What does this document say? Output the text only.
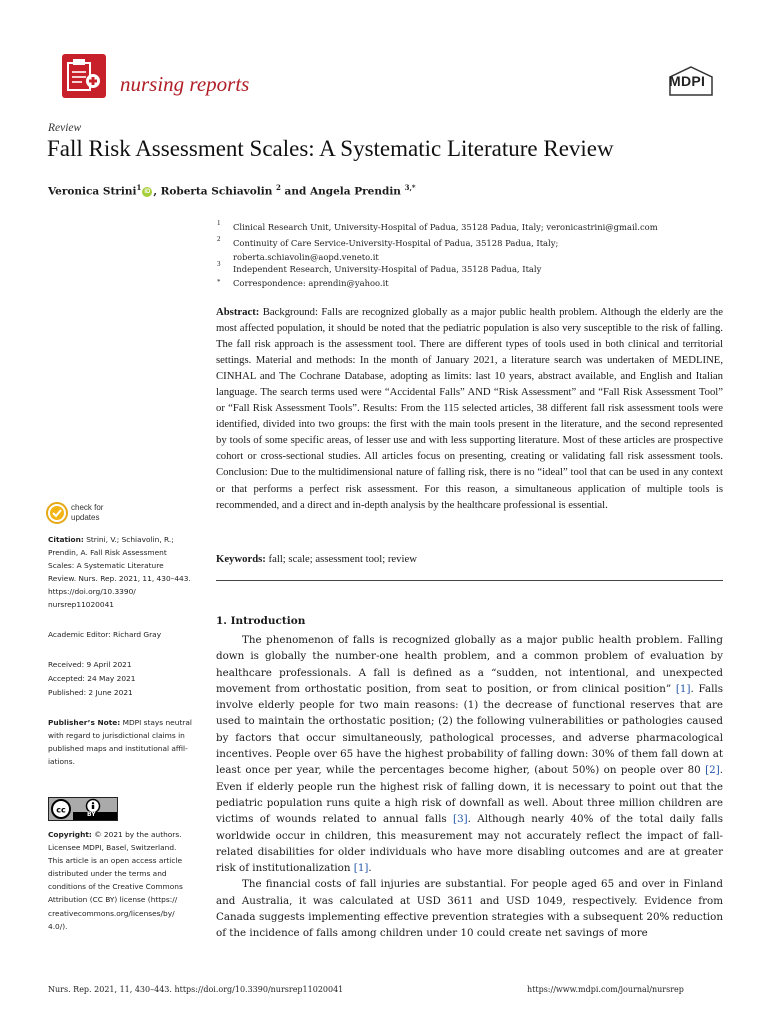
nursing reports	MDPI
Review
Fall Risk Assessment Scales: A Systematic Literature Review
Veronica Strini$^1$ iD , Roberta Schiavolin $^2$ and Angela Prendin $^{3,*}$
1 Clinical Research Unit, University-Hospital of Padua, 35128 Padua, Italy; veronicastrini@gmail.com
2 Continuity of Care Service-University-Hospital of Padua, 35128 Padua, Italy;
roberta.schiavolin@aopd.veneto.it
3 Independent Research, University-Hospital of Padua, 35128 Padua, Italy
* Correspondence: aprendin@yahoo.it
Abstract: Background: Falls are recognized globally as a major public health problem. Although the elderly are the most affected population, it should be noted that the pediatric population is also very susceptible to the risk of falling. The fall risk approach is the assessment tool. There are different types of tools used in both clinical and territorial settings. Material and methods: In the month of January 2021, a literature search was undertaken of MEDLINE, CINHAL and The Cochrane Database, adopting as limits: last 10 years, abstract available, and English and Italian language. The search terms used were “Accidental Falls” AND “Risk Assessment” and “Fall Risk Assessment Tool” or “Fall Risk Assessment Tools”. Results: From the 115 selected articles, 38 different fall risk assessment tools were identified, divided into two groups: the first with the main tools present in the literature, and the second represented by tools of some specific areas, of lesser use and with less supporting literature. Most of these articles are prospective cohort or cross-sectional studies. All articles focus on presenting, creating or validating fall risk assessment tools. Conclusion: Due to the multidimensional nature of falling risk, there is no “ideal” tool that can be used in any context or that performs a perfect risk assessment. For this reason, a simultaneous application of multiple tools is recommended, and a direct and in-depth analysis by the healthcare professional is essential.
Keywords: fall; scale; assessment tool; review
check for updates
Citation: Strini, V.; Schiavolin, R.;
Prendin, A. Fall Risk Assessment
Scales: A Systematic Literature
Review. Nurs. Rep. 2021, 11, 430–443.
https://doi.org/10.3390/
nursrep11020041
Academic Editor: Richard Gray
Received: 9 April 2021
Accepted: 24 May 2021
Published: 2 June 2021
Publisher’s Note: MDPI stays neutral
with regard to jurisdictional claims in
published maps and institutional affil-
iations.
cc	BY
Copyright: © 2021 by the authors.
Licensee MDPI, Basel, Switzerland.
This article is an open access article
distributed under the terms and
conditions of the Creative Commons
Attribution (CC BY) license (https://
creativecommons.org/licenses/by/
4.0/).
1. Introduction

The phenomenon of falls is recognized globally as a major public health problem. Falling down is globally the number-one health problem, and a common problem of evaluation by healthcare professionals. A fall is defined as a “sudden, not intentional, and unexpected movement from orthostatic position, from seat to position, or from clinical position” [1]. Falls involve elderly people for two main reasons: (1) the decrease of functional reserves that are used to maintain the orthostatic position; (2) the following vulnerabilities or pathologies caused by factors that occur simultaneously, pathological processes, and adverse pharmacological incentives. People over 65 have the highest probability of falling down: 30% of them fall down at least once per year, while the percentages become higher, (about 50%) on people over 80 [2]. Even if elderly people run the highest risk of falling down, it is necessary to point out that the pediatric population runs quite a high risk of downfall as well. About three million children are victims of wounds related to annual falls [3]. Although nearly 40% of the total daily falls worldwide occur in children, this measurement may not accurately reflect the impact of fall-related disabilities for older individuals who have more disabling outcomes and are at greater risk of institutionalization [1].

The financial costs of fall injuries are substantial. For people aged 65 and over in Finland and Australia, it was calculated at USD 3611 and USD 1049, respectively. Evidence from Canada suggests implementing effective prevention strategies with a subsequent 20% reduction of the incidence of falls among children under 10 could create net savings of more

Nurs. Rep. 2021, 11, 430–443. https://doi.org/10.3390/nursrep11020041	https://www.mdpi.com/journal/nursrep
